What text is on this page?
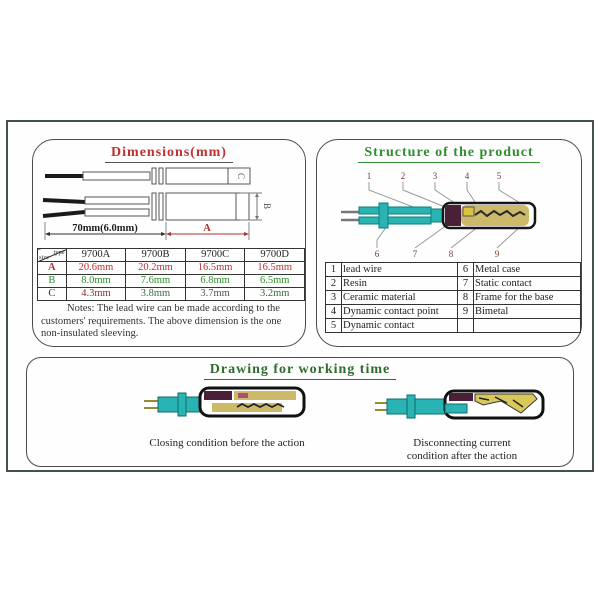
Dimensions(mm)
C
B
70mm(6.0mm)	A
type
size	9700A	9700B	9700C	9700D
A	20.6mm	20.2mm	16.5mm	16.5mm
B	8.0mm	7.6mm	6.8mm	6.5mm
C	4.3mm	3.8mm	3.7mm	3.2mm
Notes: The lead wire can be made according to the customers' requirements. The above dimension is the one non-insulated sleeving.
Structure of the product
1	2	3	4	5
6	7	8	9
1	lead wire	6	Metal case
2	Resin	7	Static contact
3	Ceramic material	8	Frame for the base
4	Dynamic contact point	9	Bimetal
5	Dynamic contact		
Drawing for working time
Closing condition before the action	Disconnecting current
condition after the action
